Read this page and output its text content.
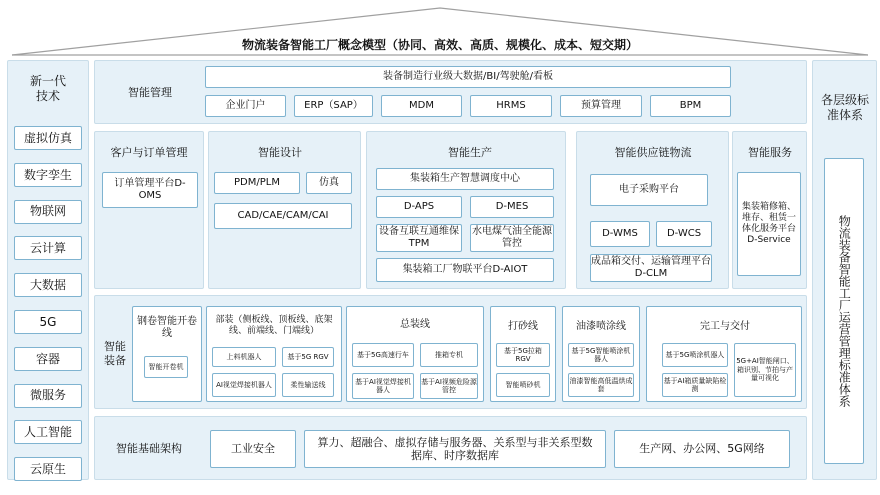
物流装备智能工厂概念模型（协同、高效、高质、规模化、成本、短交期）
新一代技术
虚拟仿真
数字孪生
物联网
云计算
大数据
5G
容器
微服务
人工智能
云原生
各层级标准体系
物流装备智能工厂运营管理标准体系
智能管理
装备制造行业级大数据/BI/驾驶舱/看板
企业门户	ERP（SAP）	MDM	HRMS	预算管理	BPM
客户与订单管理
订单管理平台D-OMS
智能设计
PDM/PLM	仿真
CAD/CAE/CAM/CAI
智能生产
集装箱生产智慧调度中心
D-APS	D-MES
设备互联互通维保TPM
水电煤气油全能源管控
集装箱工厂物联平台D-AIOT
智能供应链物流
电子采购平台
D-WMS	D-WCS
成品箱交付、运输管理平台D-CLM
智能服务
集装箱修箱、堆存、租赁一体化服务平台D-Service
智能装备
钢卷智能开卷线
智能开卷机
部装（侧板线、顶板线、底架线、前端线、门端线）
上料机器人	基于5G RGV
AI视觉焊接机器人	柔性输送线
总装线
基于5G高速行车	推箱专机
基于AI视觉焊接机器人
基于AI视频危险源管控
打砂线
基于5G拉箱RGV
智能喷砂机
油漆喷涂线
基于5G智能喷涂机器人
油漆智能高低温烘成套
完工与交付
基于5G喷涂机器人
基于AI箱质量缺陷检测
5G+AI智能闸口、箱识别、节拍与产量可视化
智能基础架构	工业安全
算力、超融合、虚拟存储与服务器、关系型与非关系型数据库、时序数据库
生产网、办公网、5G网络
